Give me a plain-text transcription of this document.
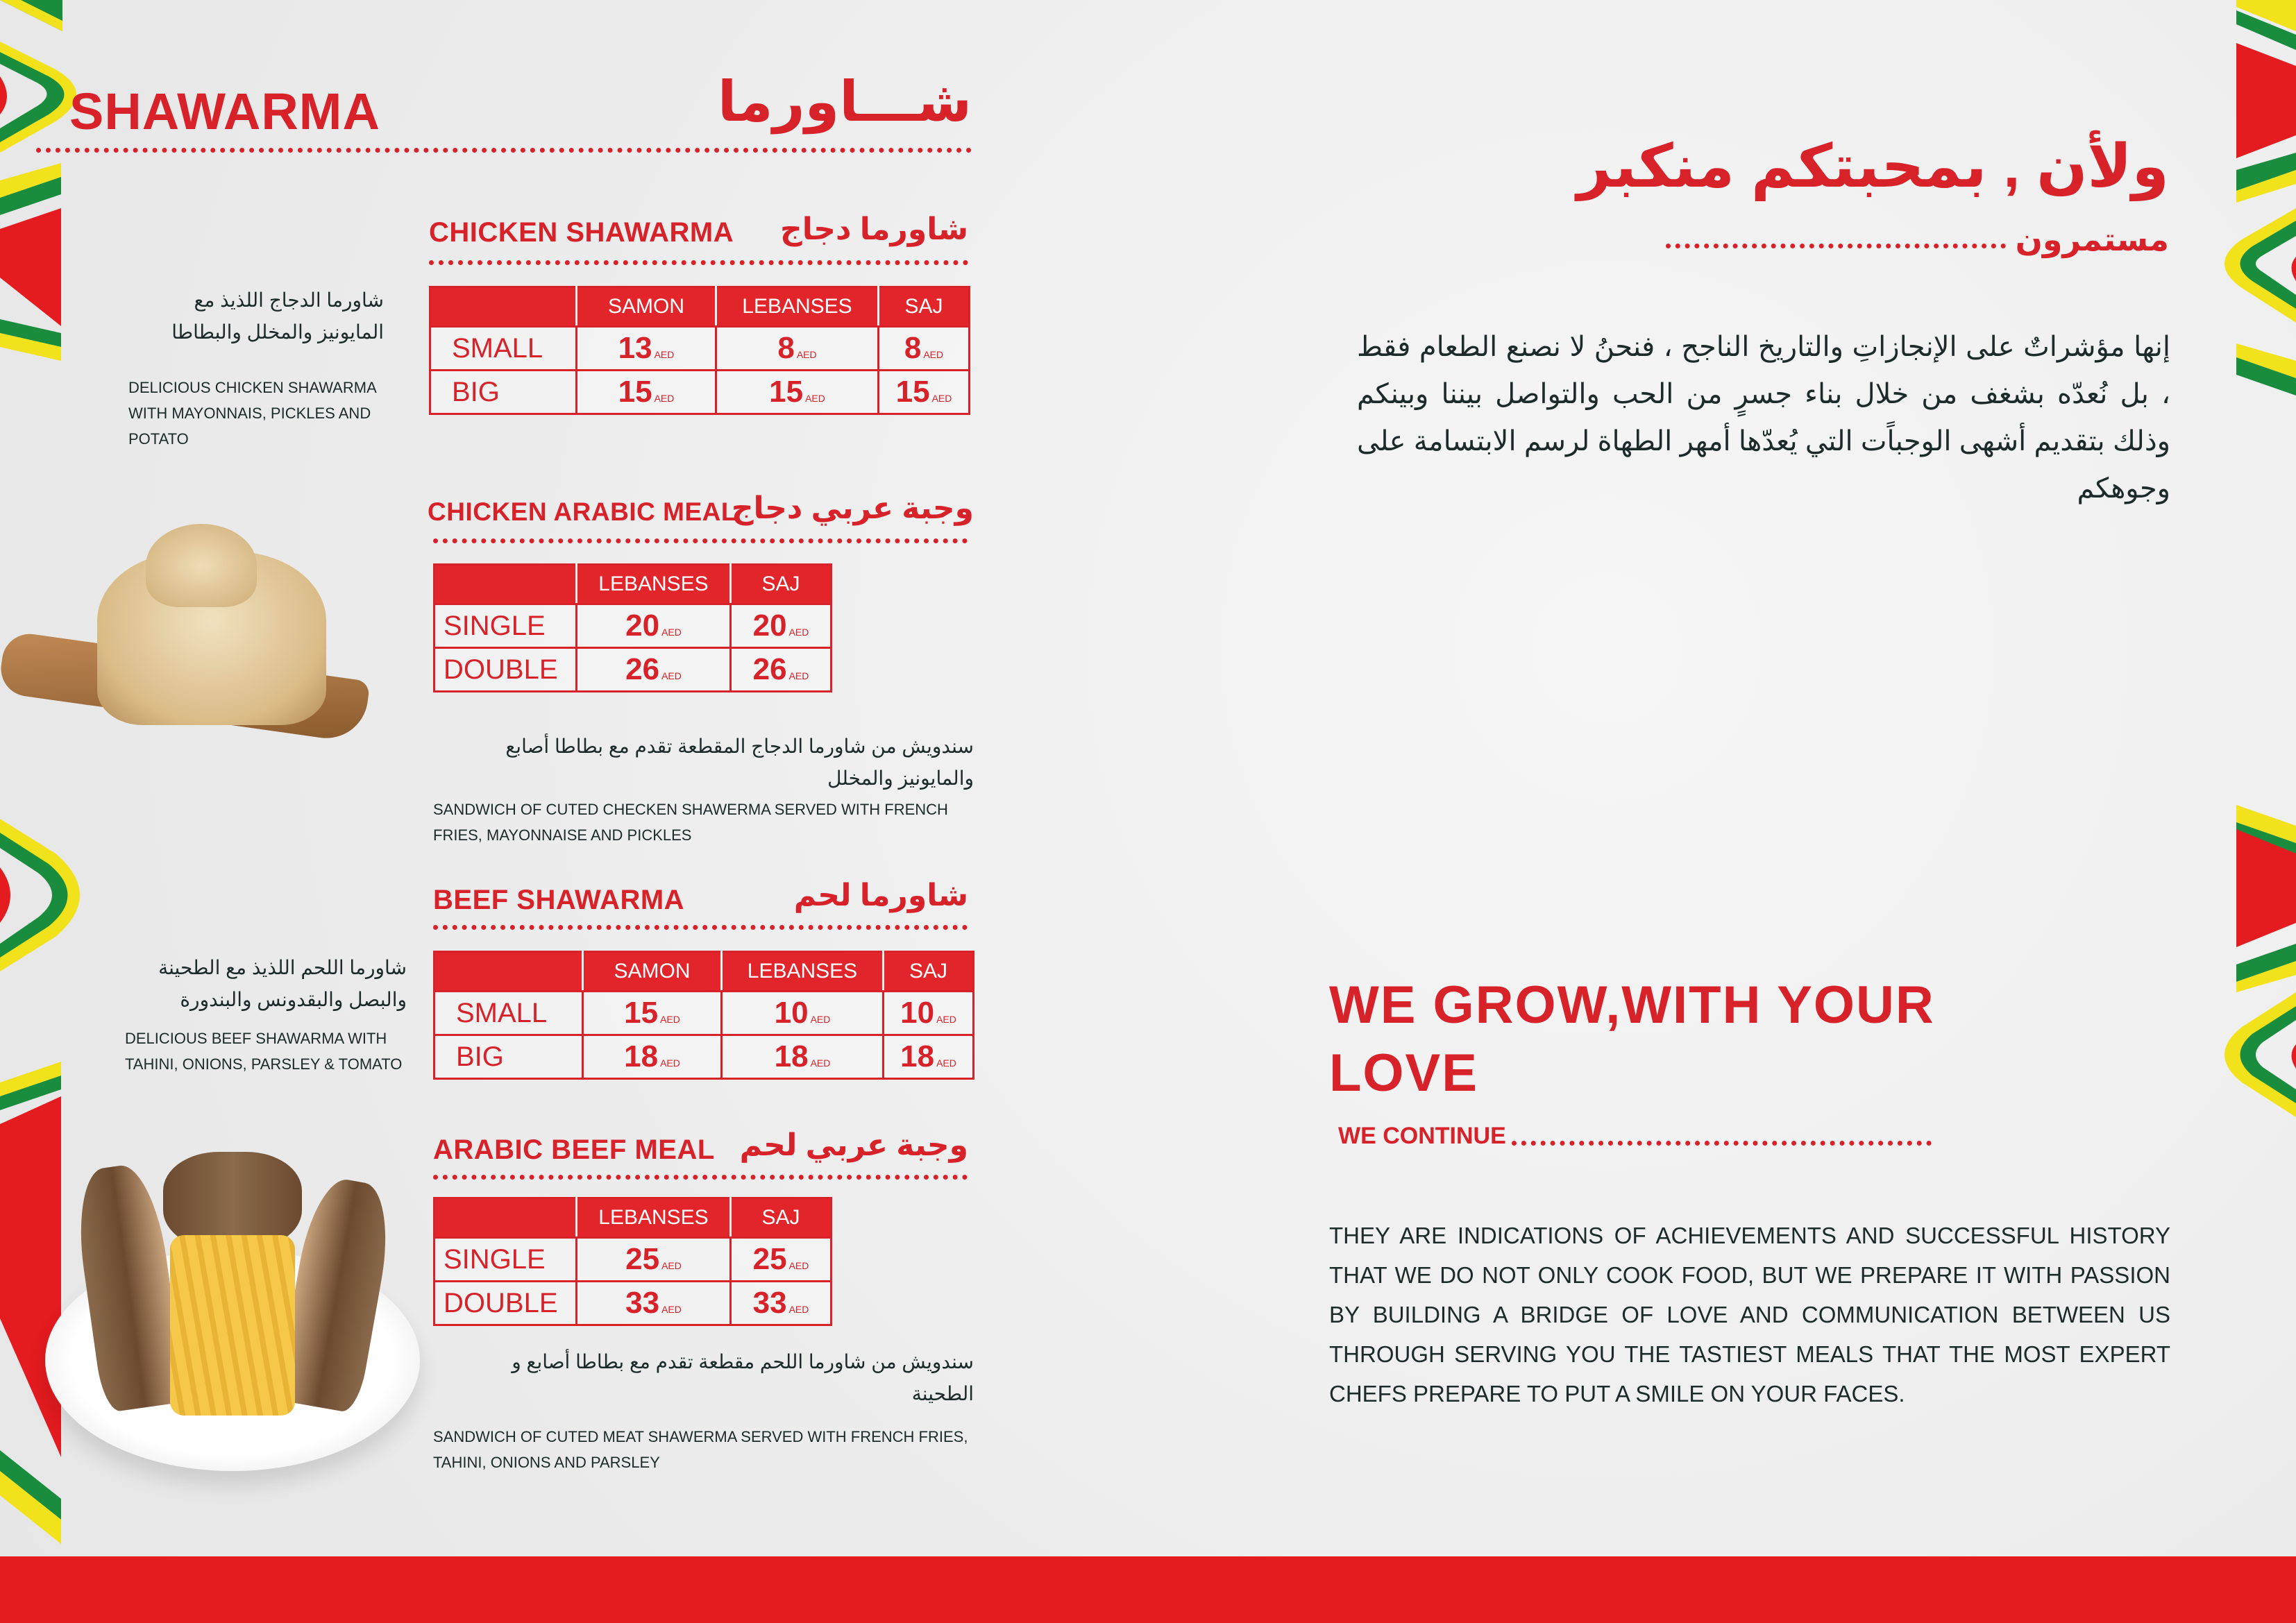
SHAWARMA	شـــاورما
CHICKEN SHAWARMA شاورما دجاج
	SAMON	LEBANSES	SAJ
SMALL	13 AED	8 AED	8 AED
BIG	15 AED	15 AED	15 AED
شاورما الدجاج اللذيذ مع
المايونيز والمخلل والبطاطا
DELICIOUS CHICKEN SHAWARMA
WITH MAYONNAIS, PICKLES AND
POTATO
CHICKEN ARABIC MEAL
وجبة عربي دجاج
	LEBANSES	SAJ
SINGLE	20 AED	20 AED
DOUBLE	26 AED	26 AED
سندويش من شاورما الدجاج المقطعة تقدم مع بطاطا أصابع
والمايونيز والمخلل
SANDWICH OF CUTED CHECKEN SHAWERMA SERVED WITH FRENCH
FRIES, MAYONNAISE AND PICKLES
BEEF SHAWARMA	شاورما لحم
	SAMON	LEBANSES	SAJ
SMALL	15 AED	10 AED	10 AED
BIG	18 AED	18 AED	18 AED
شاورما اللحم اللذيذ مع الطحينة
والبصل والبقدونس والبندورة
DELICIOUS BEEF SHAWARMA WITH
TAHINI, ONIONS, PARSLEY & TOMATO
ARABIC BEEF MEAL وجبة عربي لحم
	LEBANSES	SAJ
SINGLE	25 AED	25 AED
DOUBLE	33 AED	33 AED
سندويش من شاورما اللحم مقطعة تقدم مع بطاطا أصابع و
الطحينة
SANDWICH OF CUTED MEAT SHAWERMA SERVED WITH FRENCH FRIES,
TAHINI, ONIONS AND PARSLEY
ولأن , بمحبتكم منكبر
مستمرون
إنها مؤشراتٌ على الإنجازاتِ والتاريخ الناجح ، فنحنُ لا نصنع الطعام فقط ، بل نُعدّه بشغف من خلال بناء جسرٍ من الحب والتواصل بيننا وبينكم وذلك بتقديم أشهى الوجباًت التي يُعدّها أمهر الطهاة لرسم الابتسامة على وجوهكم
WE GROW,WITH YOUR
LOVE
WE CONTINUE
THEY ARE INDICATIONS OF ACHIEVEMENTS AND SUCCESSFUL HISTORY THAT WE DO NOT ONLY COOK FOOD, BUT WE PREPARE IT WITH PASSION BY BUILDING A BRIDGE OF LOVE AND COMMUNICATION BETWEEN US THROUGH SERVING YOU THE TASTIEST MEALS THAT THE MOST EXPERT CHEFS PREPARE TO PUT A SMILE ON YOUR FACES.
